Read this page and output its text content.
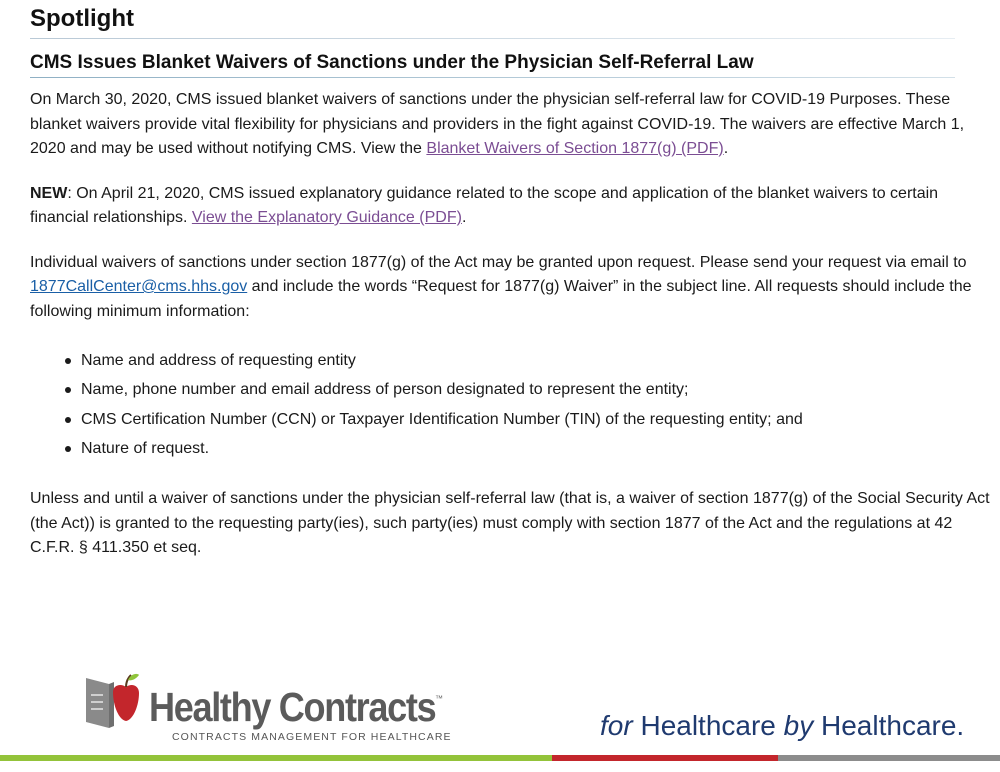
Spotlight
CMS Issues Blanket Waivers of Sanctions under the Physician Self-Referral Law

On March 30, 2020, CMS issued blanket waivers of sanctions under the physician self-referral law for COVID-19 Purposes. These blanket waivers provide vital flexibility for physicians and providers in the fight against COVID-19. The waivers are effective March 1, 2020 and may be used without notifying CMS. View the Blanket Waivers of Section 1877(g) (PDF).

NEW: On April 21, 2020, CMS issued explanatory guidance related to the scope and application of the blanket waivers to certain financial relationships. View the Explanatory Guidance (PDF).

Individual waivers of sanctions under section 1877(g) of the Act may be granted upon request. Please send your request via email to 1877CallCenter@cms.hhs.gov and include the words “Request for 1877(g) Waiver” in the subject line. All requests should include the following minimum information:

Name and address of requesting entity
Name, phone number and email address of person designated to represent the entity;
CMS Certification Number (CCN) or Taxpayer Identification Number (TIN) of the requesting entity; and
Nature of request.

Unless and until a waiver of sanctions under the physician self-referral law (that is, a waiver of section 1877(g) of the Social Security Act (the Act)) is granted to the requesting party(ies), such party(ies) must comply with section 1877 of the Act and the regulations at 42 C.F.R. § 411.350 et seq.

Healthy Contracts ™
CONTRACTS MANAGEMENT FOR HEALTHCARE	for Healthcare by Healthcare.
